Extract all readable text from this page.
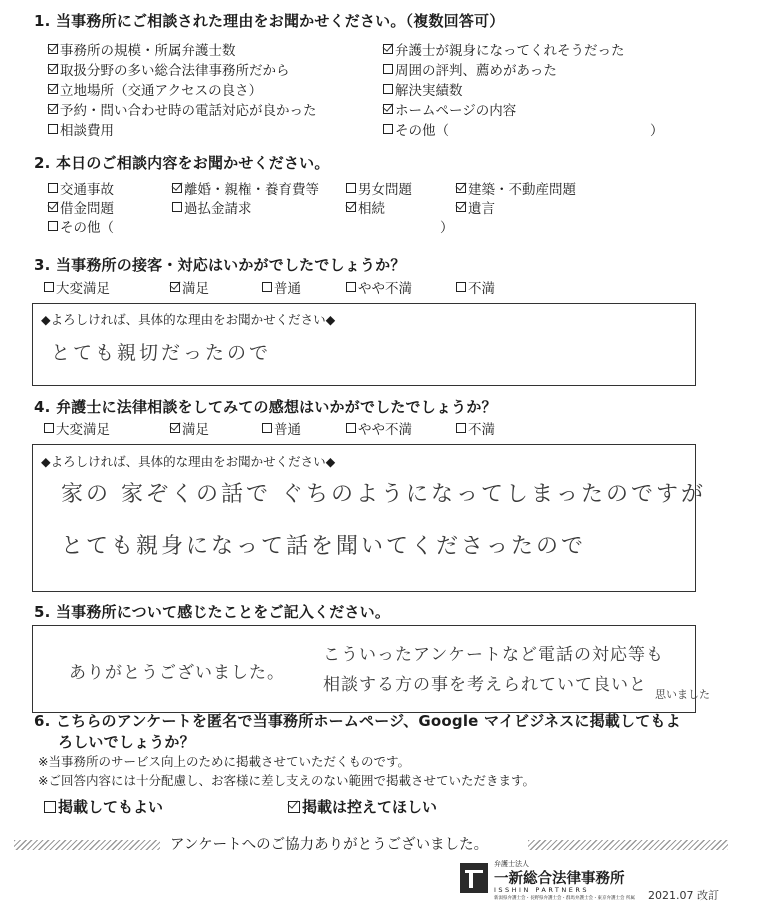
1. 当事務所にご相談された理由をお聞かせください。（複数回答可）
事務所の規模・所属弁護士数	弁護士が親身になってくれそうだった
取扱分野の多い総合法律事務所だから	周囲の評判、薦めがあった
立地場所（交通アクセスの良さ）	解決実績数
予約・問い合わせ時の電話対応が良かった	ホームページの内容
相談費用	その他（	）
2. 本日のご相談内容をお聞かせください。
交通事故	離婚・親権・養育費等	男女問題	建築・不動産問題
借金問題	過払金請求	相続	遺言
その他（	）
3. 当事務所の接客・対応はいかがでしたでしょうか？
大変満足	満足	普通	やや不満	不満
◆よろしければ、具体的な理由をお聞かせください◆
とても親切だったので
4. 弁護士に法律相談をしてみての感想はいかがでしたでしょうか？
大変満足	満足	普通	やや不満	不満
◆よろしければ、具体的な理由をお聞かせください◆
家の 家ぞくの話で ぐちのようになってしまったのですが
とても親身になって話を聞いてくださったので
5. 当事務所について感じたことをご記入ください。
ありがとうございました。
こういったアンケートなど電話の対応等も
相談する方の事を考えられていて良いと 思いました
6. こちらのアンケートを匿名で当事務所ホームページ、Google マイビジネスに掲載してもよ
ろしいでしょうか？
※当事務所のサービス向上のために掲載させていただくものです。
※ご回答内容には十分配慮し、お客様に差し支えのない範囲で掲載させていただきます。
掲載してもよい	掲載は控えてほしい
アンケートへのご協力ありがとうございました。
弁護士法人
一新総合法律事務所
ISSHIN PARTNERS
新潟県弁護士会・長野県弁護士会・群馬弁護士会・東京弁護士会 所属 2021.07 改訂
